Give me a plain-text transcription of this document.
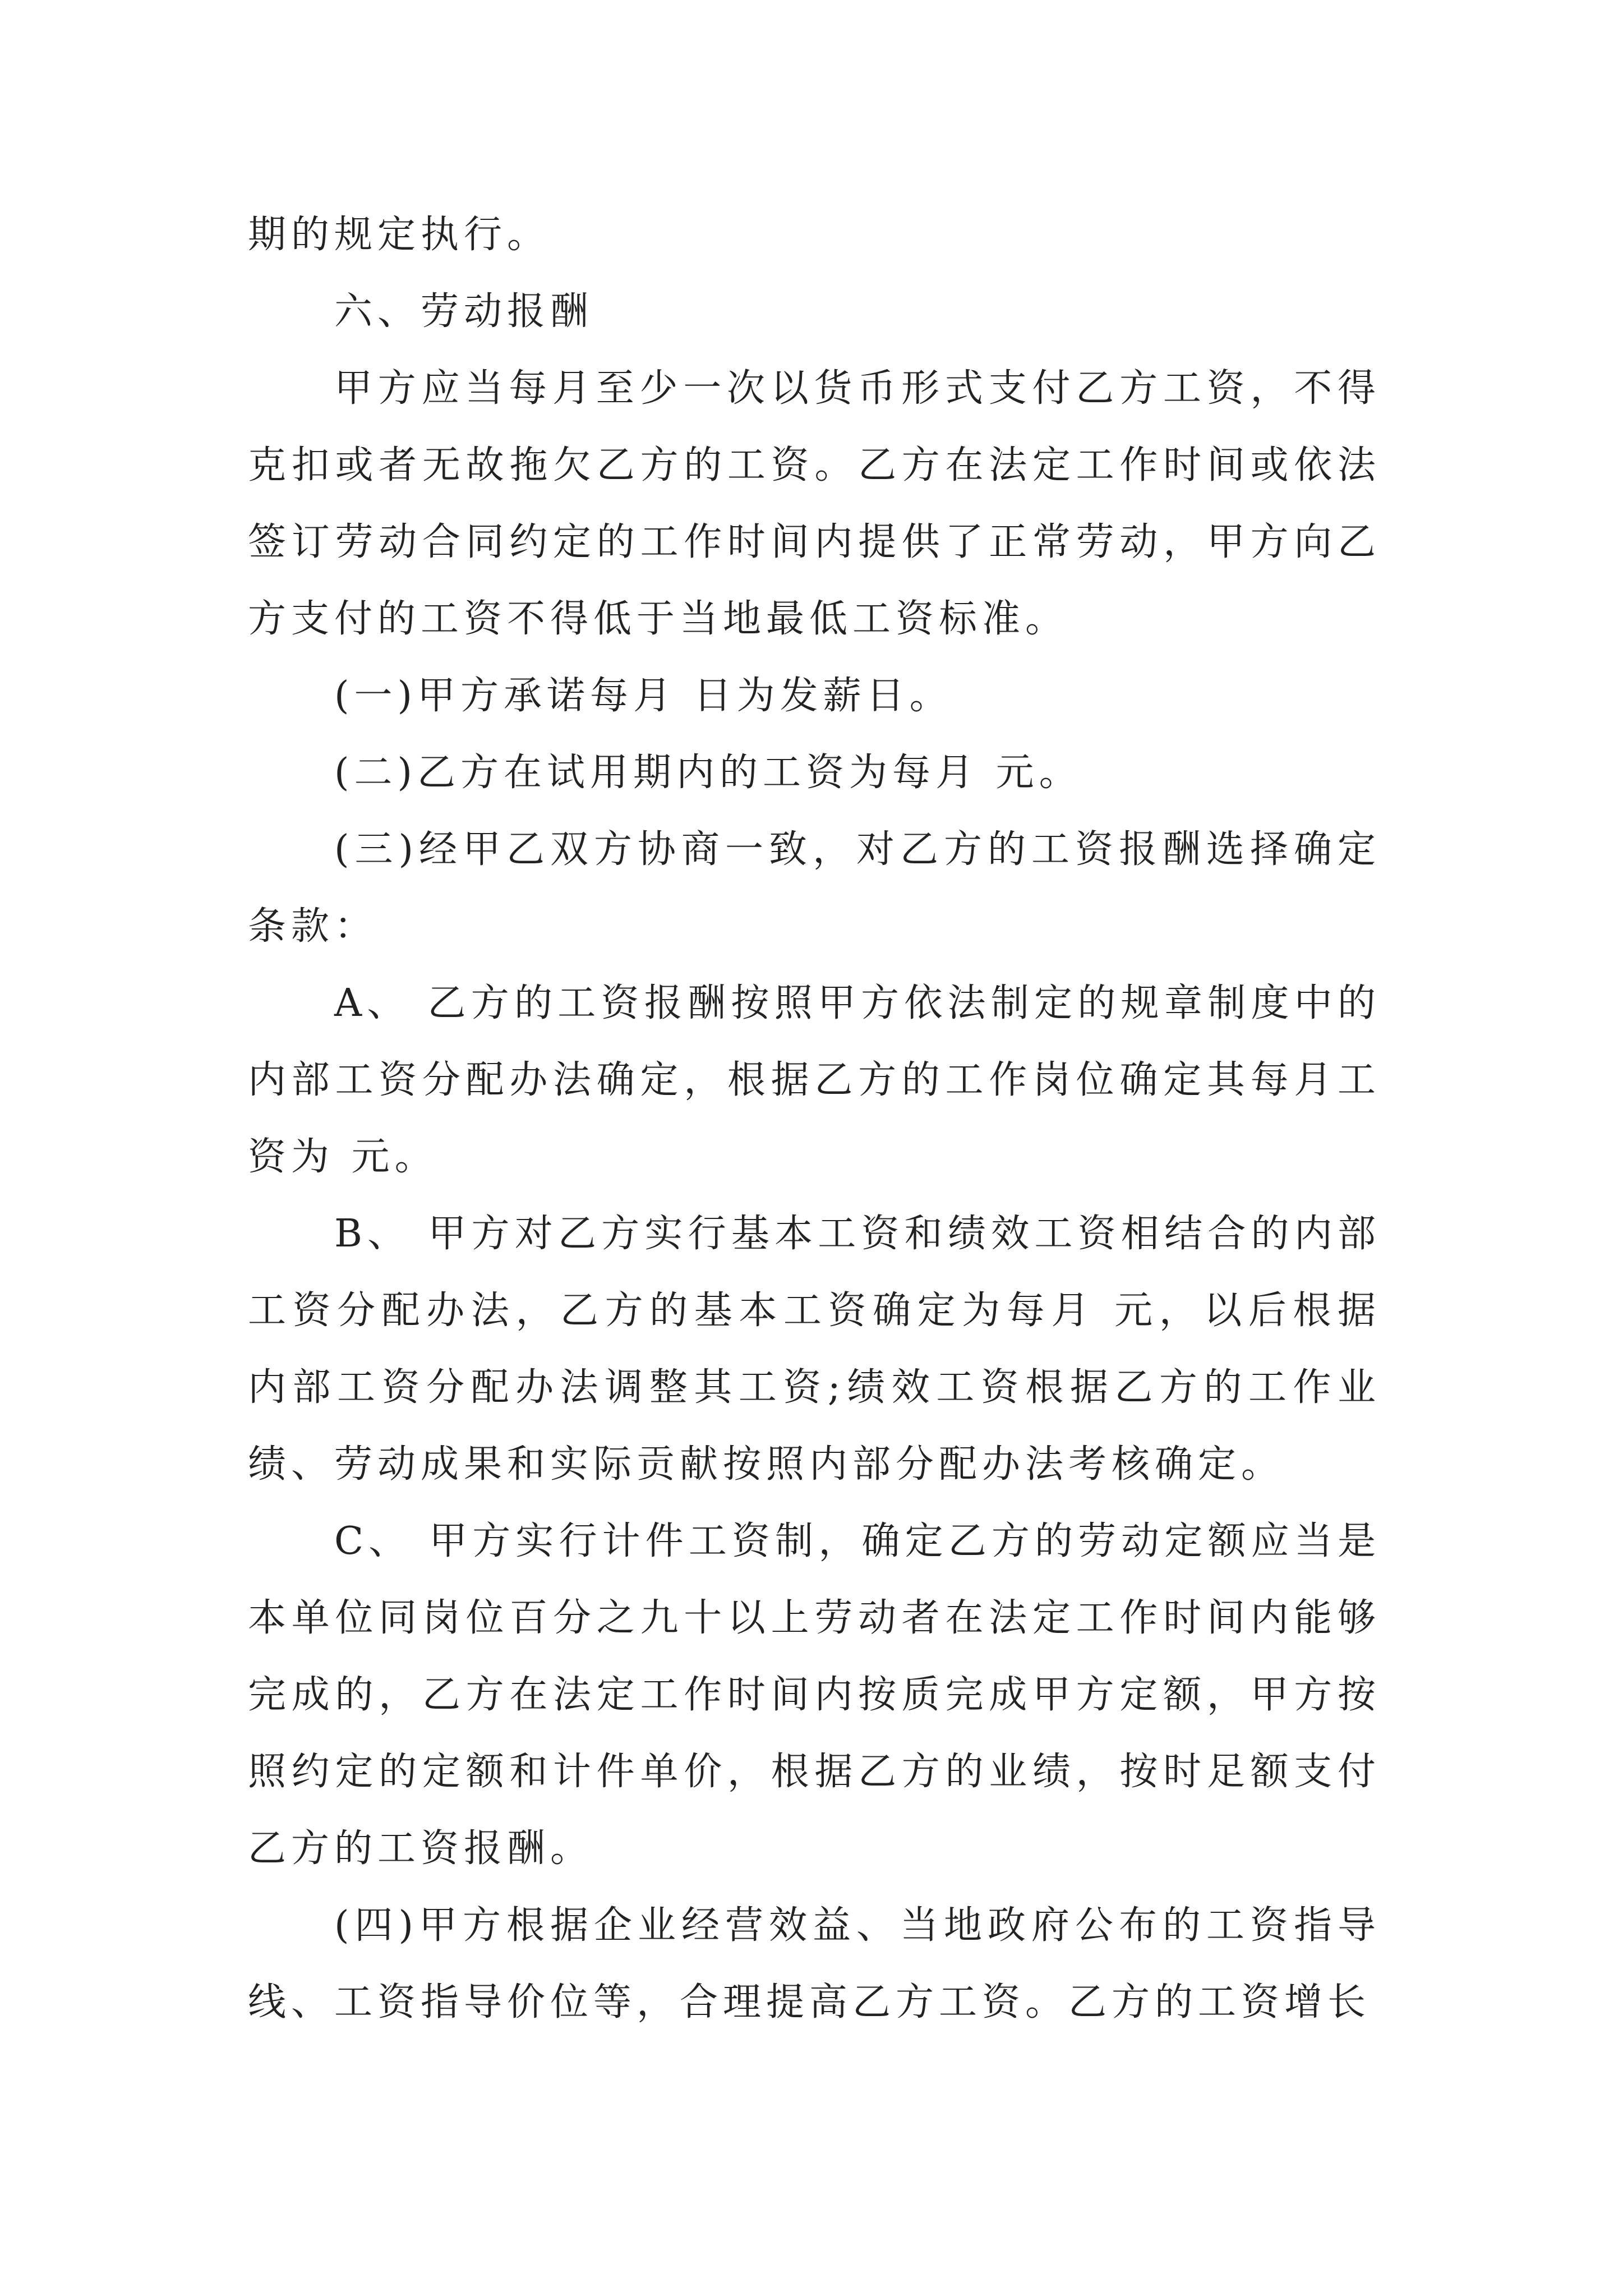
期的规定执行。

六、劳动报酬

甲方应当每月至少一次以货币形式支付乙方工资，不得克扣或者无故拖欠乙方的工资。乙方在法定工作时间或依法签订劳动合同约定的工作时间内提供了正常劳动，甲方向乙方支付的工资不得低于当地最低工资标准。

(一)甲方承诺每月 日为发薪日。

(二)乙方在试用期内的工资为每月 元。

(三)经甲乙双方协商一致，对乙方的工资报酬选择确定条款：

A、 乙方的工资报酬按照甲方依法制定的规章制度中的内部工资分配办法确定，根据乙方的工作岗位确定其每月工资为 元。

B、 甲方对乙方实行基本工资和绩效工资相结合的内部工资分配办法，乙方的基本工资确定为每月 元，以后根据内部工资分配办法调整其工资;绩效工资根据乙方的工作业绩、劳动成果和实际贡献按照内部分配办法考核确定。

C、 甲方实行计件工资制，确定乙方的劳动定额应当是本单位同岗位百分之九十以上劳动者在法定工作时间内能够完成的，乙方在法定工作时间内按质完成甲方定额，甲方按照约定的定额和计件单价，根据乙方的业绩，按时足额支付乙方的工资报酬。

(四)甲方根据企业经营效益、当地政府公布的工资指导线、工资指导价位等，合理提高乙方工资。乙方的工资增长
